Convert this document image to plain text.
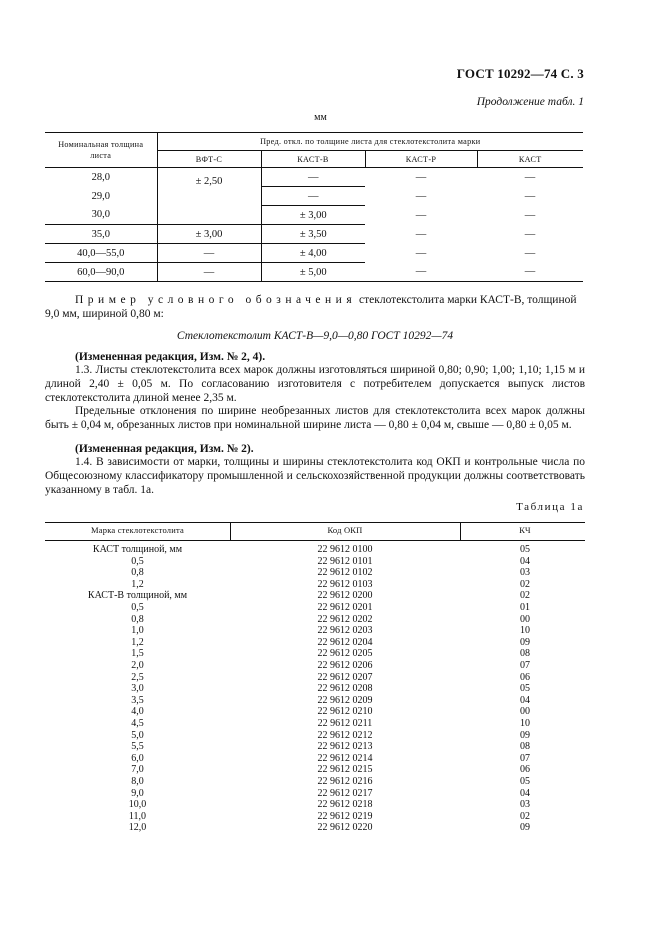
ГОСТ 10292—74 С. 3
Продолжение табл. 1
мм
Номинальная толщина листа	Пред. откл. по толщине листа для стеклотекстолита марки			
	ВФТ-С	КАСТ-В	КАСТ-Р	КАСТ
28,0	± 2,50	—	—	—
29,0		—	—	—
30,0		± 3,00	—	—
35,0	± 3,00	± 3,50	—	—
40,0—55,0	—	± 4,00	—	—
60,0—90,0	—	± 5,00	—	—
Пример условного обозначения стеклотекстолита марки КАСТ-В, толщиной
9,0 мм, шириной 0,80 м:
Стеклотекстолит КАСТ-В—9,0—0,80 ГОСТ 10292—74
(Измененная редакция, Изм. № 2, 4).
1.3. Листы стеклотекстолита всех марок должны изготовляться шириной 0,80; 0,90; 1,00; 1,10; 1,15 м и длиной 2,40 ± 0,05 м. По согласованию изготовителя с потребителем допускается выпуск листов стеклотекстолита длиной менее 2,35 м.
Предельные отклонения по ширине необрезанных листов для стеклотекстолита всех марок должны быть ± 0,04 м, обрезанных листов при номинальной ширине листа — 0,80 ± 0,04 м, свыше — 0,80 ± 0,05 м.
(Измененная редакция, Изм. № 2).
1.4. В зависимости от марки, толщины и ширины стеклотекстолита код ОКП и контрольные числа по Общесоюзному классификатору промышленной и сельскохозяйственной продукции должны соответствовать указанному в табл. 1а.
Таблица 1а
Марка стеклотекстолита	Код ОКП	КЧ
КАСТ толщиной, мм	22 9612 0100	05
0,5	22 9612 0101	04
0,8	22 9612 0102	03
1,2	22 9612 0103	02
КАСТ-В толщиной, мм	22 9612 0200	02
0,5	22 9612 0201	01
0,8	22 9612 0202	00
1,0	22 9612 0203	10
1,2	22 9612 0204	09
1,5	22 9612 0205	08
2,0	22 9612 0206	07
2,5	22 9612 0207	06
3,0	22 9612 0208	05
3,5	22 9612 0209	04
4,0	22 9612 0210	00
4,5	22 9612 0211	10
5,0	22 9612 0212	09
5,5	22 9612 0213	08
6,0	22 9612 0214	07
7,0	22 9612 0215	06
8,0	22 9612 0216	05
9,0	22 9612 0217	04
10,0	22 9612 0218	03
11,0	22 9612 0219	02
12,0	22 9612 0220	09
